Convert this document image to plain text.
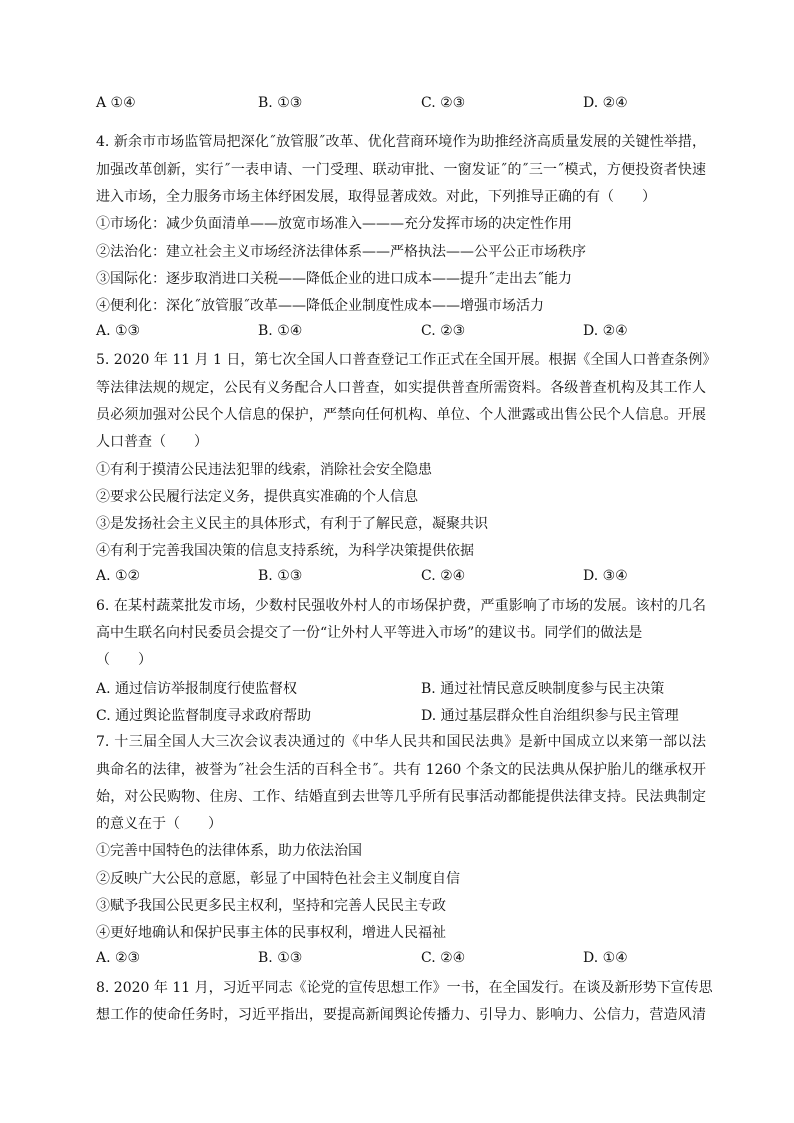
A ①④	B. ①③	C. ②③	D. ②④
4. 新余市市场监管局把深化˝放管服˝改革、优化营商环境作为助推经济高质量发展的关键性举措，
加强改革创新，实行˝一表申请、一门受理、联动审批、一窗发证˝的˝三一˝模式，方便投资者快速
进入市场，全力服务市场主体纾困发展，取得显著成效。对此，下列推导正确的有（　　）
①市场化：减少负面清单——放宽市场准入———充分发挥市场的决定性作用
②法治化：建立社会主义市场经济法律体系——严格执法——公平公正市场秩序
③国际化：逐步取消进口关税——降低企业的进口成本——提升˝走出去˝能力
④便利化：深化˝放管服˝改革——降低企业制度性成本——增强市场活力
A. ①③	B. ①④	C. ②③	D. ②④
5. 2020 年 11 月 1 日，第七次全国人口普查登记工作正式在全国开展。根据《全国人口普查条例》
等法律法规的规定，公民有义务配合人口普查，如实提供普查所需资料。各级普查机构及其工作人
员必须加强对公民个人信息的保护，严禁向任何机构、单位、个人泄露或出售公民个人信息。开展
人口普查（　　）
①有利于摸清公民违法犯罪的线索，消除社会安全隐患
②要求公民履行法定义务，提供真实准确的个人信息
③是发扬社会主义民主的具体形式，有利于了解民意，凝聚共识
④有利于完善我国决策的信息支持系统，为科学决策提供依据
A. ①②	B. ①③	C. ②④	D. ③④
6. 在某村蔬菜批发市场，少数村民强收外村人的市场保护费，严重影响了市场的发展。该村的几名
高中生联名向村民委员会提交了一份“让外村人平等进入市场”的建议书。同学们的做法是
（　　）
A. 通过信访举报制度行使监督权	B. 通过社情民意反映制度参与民主决策
C. 通过舆论监督制度寻求政府帮助	D. 通过基层群众性自治组织参与民主管理
7. 十三届全国人大三次会议表决通过的《中华人民共和国民法典》是新中国成立以来第一部以法
典命名的法律，被誉为˝社会生活的百科全书˝。共有 1260 个条文的民法典从保护胎儿的继承权开
始，对公民购物、住房、工作、结婚直到去世等几乎所有民事活动都能提供法律支持。民法典制定
的意义在于（　　）
①完善中国特色的法律体系，助力依法治国
②反映广大公民的意愿，彰显了中国特色社会主义制度自信
③赋予我国公民更多民主权利，坚持和完善人民民主专政
④更好地确认和保护民事主体的民事权利，增进人民福祉
A. ②③	B. ①③	C. ②④	D. ①④
8. 2020 年 11 月，习近平同志《论党的宣传思想工作》一书，在全国发行。在谈及新形势下宣传思
想工作的使命任务时，习近平指出，要提高新闻舆论传播力、引导力、影响力、公信力，营造风清
